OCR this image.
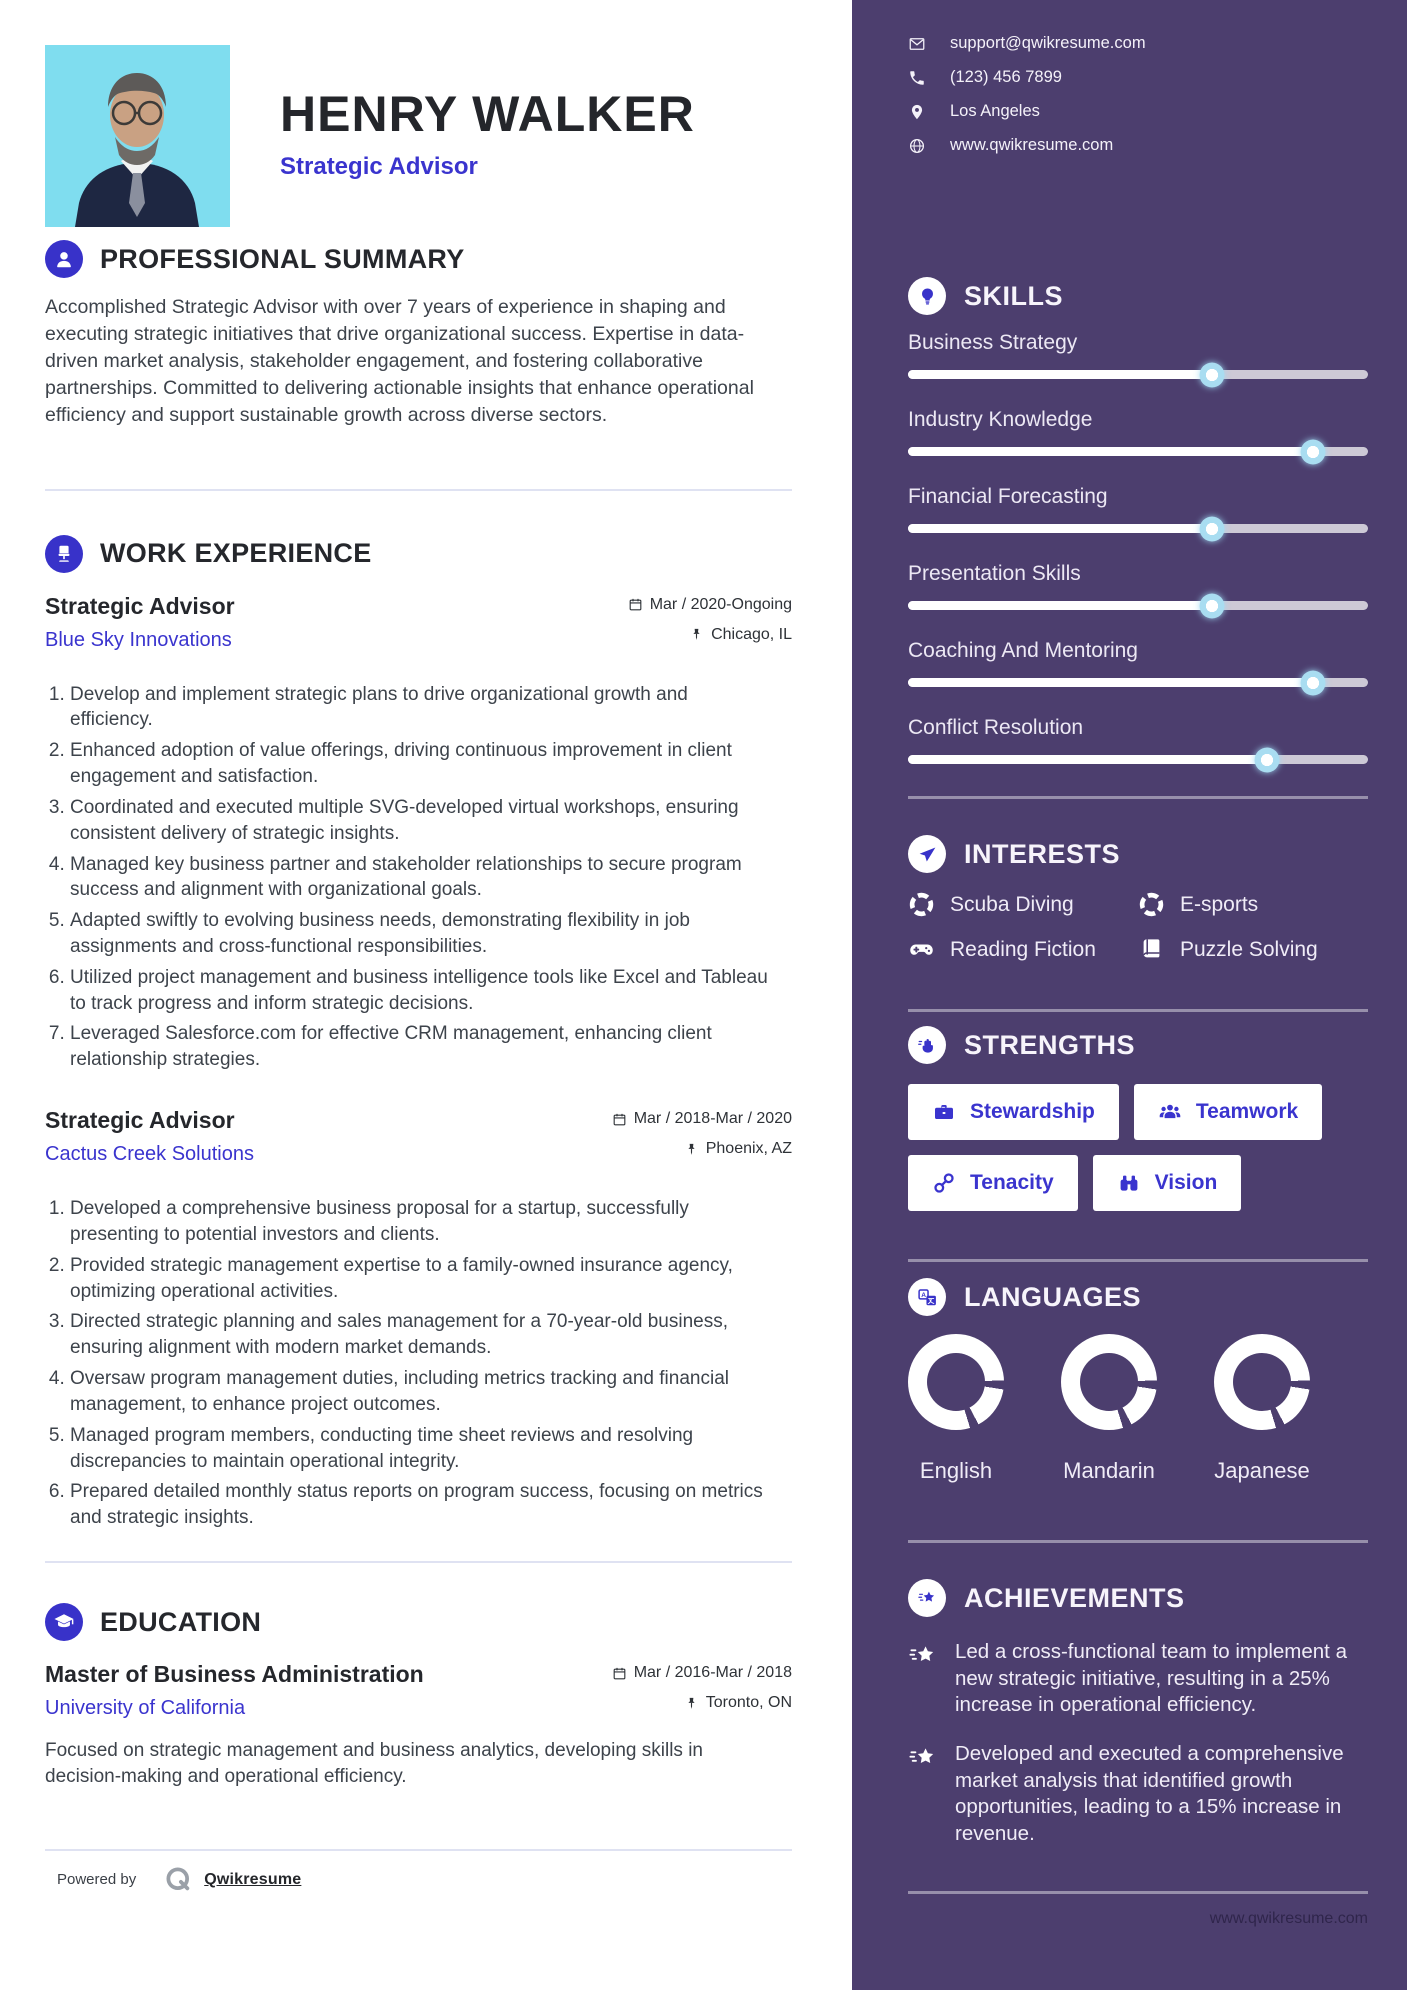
HENRY WALKER
Strategic Advisor
PROFESSIONAL SUMMARY

Accomplished Strategic Advisor with over 7 years of experience in shaping and executing strategic initiatives that drive organizational success. Expertise in data-driven market analysis, stakeholder engagement, and fostering collaborative partnerships. Committed to delivering actionable insights that enhance operational efficiency and support sustainable growth across diverse sectors.

WORK EXPERIENCE
Strategic Advisor
Blue Sky Innovations
Mar / 2020-Ongoing
Chicago, IL
1. Develop and implement strategic plans to drive organizational growth and efficiency.
2. Enhanced adoption of value offerings, driving continuous improvement in client engagement and satisfaction.
3. Coordinated and executed multiple SVG-developed virtual workshops, ensuring consistent delivery of strategic insights.
4. Managed key business partner and stakeholder relationships to secure program success and alignment with organizational goals.
5. Adapted swiftly to evolving business needs, demonstrating flexibility in job assignments and cross-functional responsibilities.
6. Utilized project management and business intelligence tools like Excel and Tableau to track progress and inform strategic decisions.
7. Leveraged Salesforce.com for effective CRM management, enhancing client relationship strategies.
Strategic Advisor
Cactus Creek Solutions
Mar / 2018-Mar / 2020
Phoenix, AZ
1. Developed a comprehensive business proposal for a startup, successfully presenting to potential investors and clients.
2. Provided strategic management expertise to a family-owned insurance agency, optimizing operational activities.
3. Directed strategic planning and sales management for a 70-year-old business, ensuring alignment with modern market demands.
4. Oversaw program management duties, including metrics tracking and financial management, to enhance project outcomes.
5. Managed program members, conducting time sheet reviews and resolving discrepancies to maintain operational integrity.
6. Prepared detailed monthly status reports on program success, focusing on metrics and strategic insights.
EDUCATION
Master of Business Administration
University of California
Mar / 2016-Mar / 2018
Toronto, ON

Focused on strategic management and business analytics, developing skills in decision-making and operational efficiency.

Powered by	Qwikresume
support@qwikresume.com
(123) 456 7899
Los Angeles
www.qwikresume.com
SKILLS
Business Strategy
Industry Knowledge
Financial Forecasting
Presentation Skills
Coaching And Mentoring
Conflict Resolution
INTERESTS
Scuba Diving	E-sports
Reading Fiction	Puzzle Solving
STRENGTHS
Stewardship	Teamwork
Tenacity	Vision
A LANGUAGES
English	Mandarin	Japanese
ACHIEVEMENTS

Led a cross-functional team to implement a new strategic initiative, resulting in a 25% increase in operational efficiency.

Developed and executed a comprehensive market analysis that identified growth opportunities, leading to a 15% increase in revenue.

www.qwikresume.com
